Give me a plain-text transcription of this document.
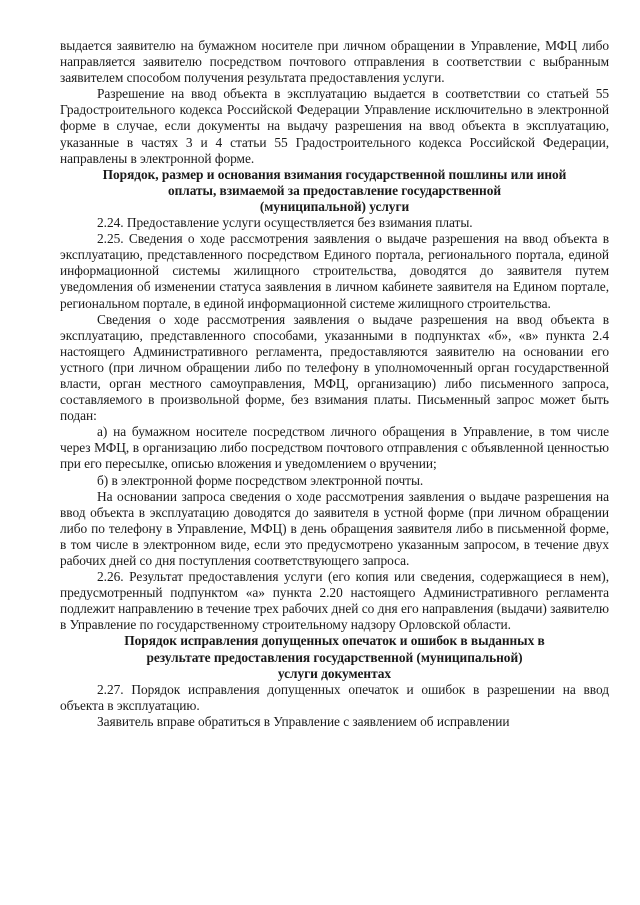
выдается заявителю на бумажном носителе при личном обращении в Управление, МФЦ либо направляется заявителю посредством почтового отправления в соответствии с выбранным заявителем способом получения результата предоставления услуги.

Разрешение на ввод объекта в эксплуатацию выдается в соответствии со статьей 55 Градостроительного кодекса Российской Федерации Управление исключительно в электронной форме в случае, если документы на выдачу разрешения на ввод объекта в эксплуатацию, указанные в частях 3 и 4 статьи 55 Градостроительного кодекса Российской Федерации, направлены в электронной форме.

Порядок, размер и основания взимания государственной пошлины или иной
оплаты, взимаемой за предоставление государственной
(муниципальной) услуги

2.24. Предоставление услуги осуществляется без взимания платы.

2.25. Сведения о ходе рассмотрения заявления о выдаче разрешения на ввод объекта в эксплуатацию, представленного посредством Единого портала, регионального портала, единой информационной системы жилищного строительства, доводятся до заявителя путем уведомления об изменении статуса заявления в личном кабинете заявителя на Едином портале, региональном портале, в единой информационной системе жилищного строительства.

Сведения о ходе рассмотрения заявления о выдаче разрешения на ввод объекта в эксплуатацию, представленного способами, указанными в подпунктах «б», «в» пункта 2.4 настоящего Административного регламента, предоставляются заявителю на основании его устного (при личном обращении либо по телефону в уполномоченный орган государственной власти, орган местного самоуправления, МФЦ, организацию) либо письменного запроса, составляемого в произвольной форме, без взимания платы. Письменный запрос может быть подан:

а) на бумажном носителе посредством личного обращения в Управление, в том числе через МФЦ, в организацию либо посредством почтового отправления с объявленной ценностью при его пересылке, описью вложения и уведомлением о вручении;

б) в электронной форме посредством электронной почты.

На основании запроса сведения о ходе рассмотрения заявления о выдаче разрешения на ввод объекта в эксплуатацию доводятся до заявителя в устной форме (при личном обращении либо по телефону в Управление, МФЦ) в день обращения заявителя либо в письменной форме, в том числе в электронном виде, если это предусмотрено указанным запросом, в течение двух рабочих дней со дня поступления соответствующего запроса.

2.26. Результат предоставления услуги (его копия или сведения, содержащиеся в нем), предусмотренный подпунктом «а» пункта 2.20 настоящего Административного регламента подлежит направлению в течение трех рабочих дней со дня его направления (выдачи) заявителю в Управление по государственному строительному надзору Орловской области.

Порядок исправления допущенных опечаток и ошибок в выданных в
результате предоставления государственной (муниципальной)
услуги документах

2.27. Порядок исправления допущенных опечаток и ошибок в разрешении на ввод объекта в эксплуатацию.

Заявитель вправе обратиться в Управление с заявлением об исправлении
